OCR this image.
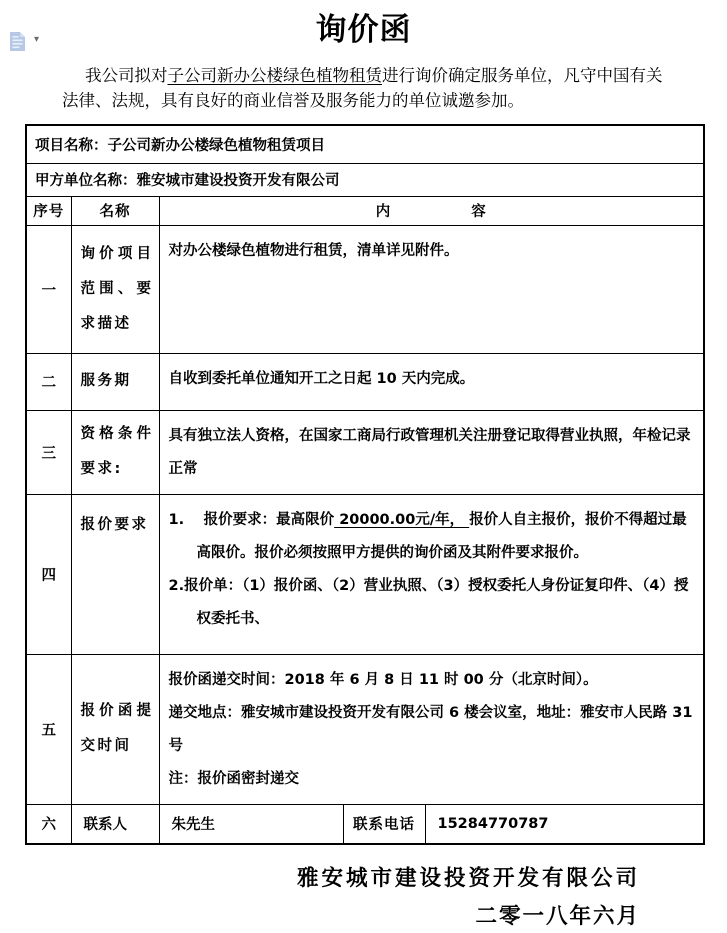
▾	询价函

我公司拟对子公司新办公楼绿色植物租赁进行询价确定服务单位，凡守中国有关法律、法规，具有良好的商业信誉及服务能力的单位诚邀参加。

项目名称：子公司新办公楼绿色植物租赁项目				
甲方单位名称：雅安城市建设投资开发有限公司				
序号	名称	内 容		

一	询价项目范围、要求描述	对办公楼绿色植物进行租赁，清单详见附件。		
二	服务期	自收到委托单位通知开工之日起 10 天内完成。		
三	资格条件要求:	具有独立法人资格，在国家工商局行政管理机关注册登记取得营业执照，年检记录正常		
四	报价要求	1.　 报价要求：最高限价 20000.00元/年， 报价人自主报价，报价不得超过最高限价。报价必须按照甲方提供的询价函及其附件要求报价。
2.报价单：（1）报价函、（2）营业执照、（3）授权委托人身份证复印件、（4）授权委托书、		

五	报价函提交时间	报价函递交时间：2018 年 6 月 8 日 11 时 00 分（北京时间）。
递交地点：雅安城市建设投资开发有限公司 6 楼会议室，地址：雅安市人民路 31 号
注：报价函密封递交		

六	联系人	朱先生	联系电话	15284770787
雅安城市建设投资开发有限公司
二零一八年六月
